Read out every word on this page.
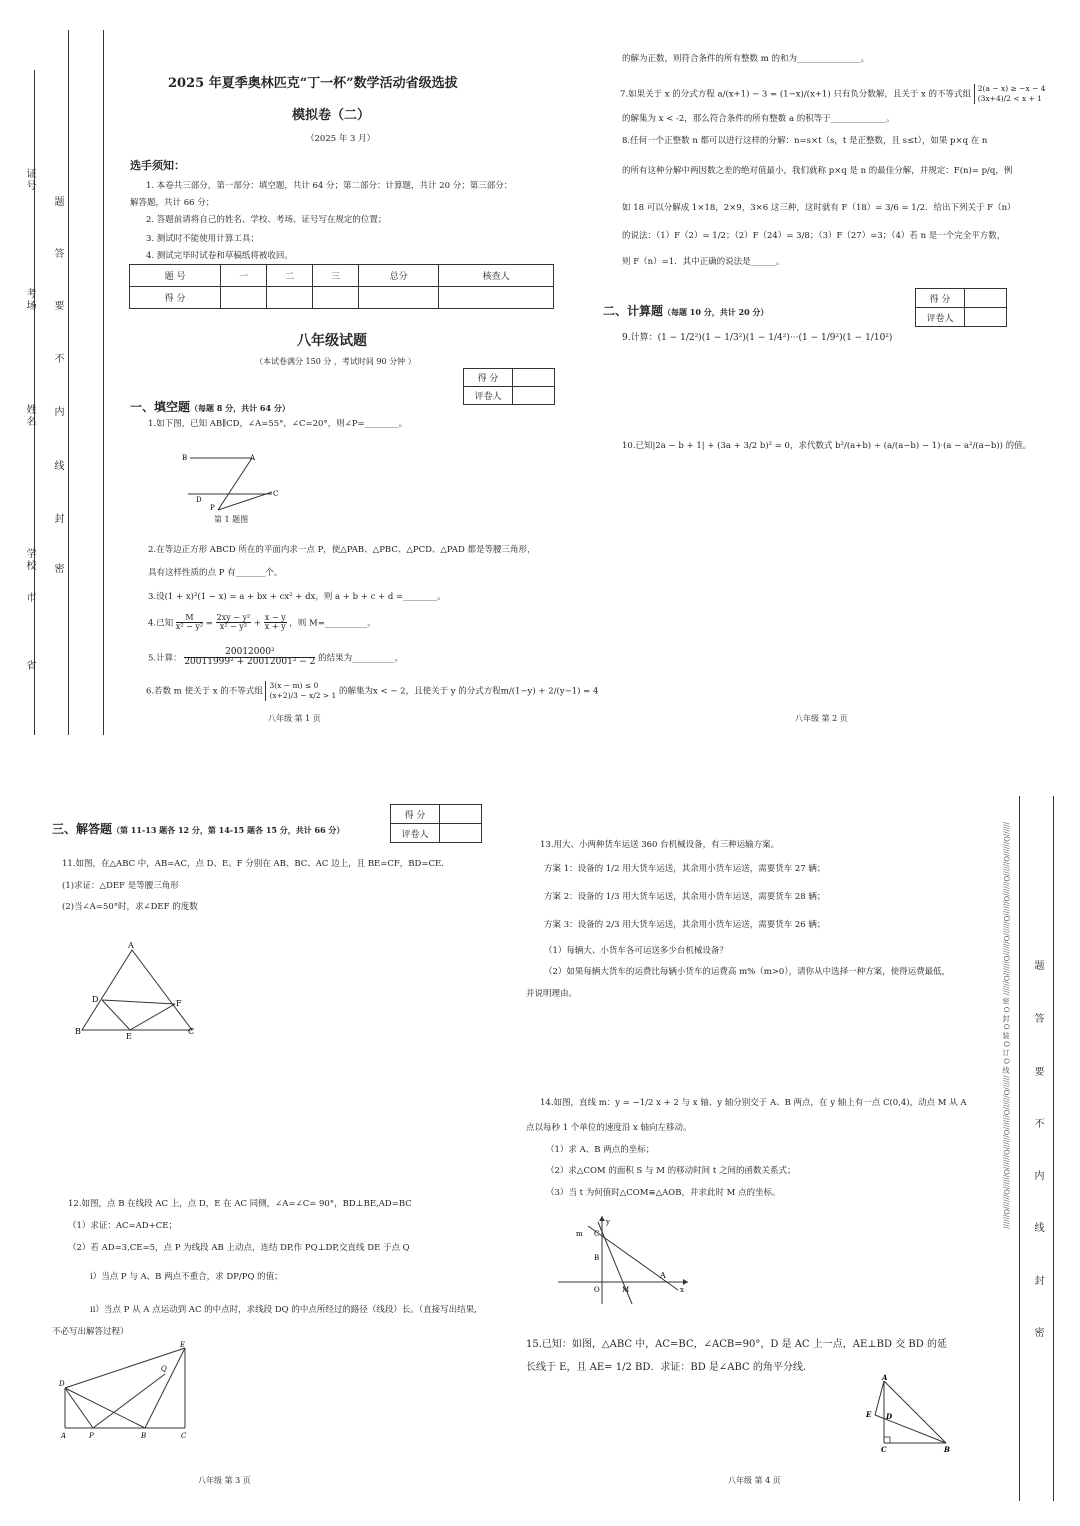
省
市
学校
姓名
考场
证号
密
封
线
内
不
要
答
题
2025 年夏季奥林匹克“丁一杯”数学活动省级选拔
模拟卷（二）
（2025 年 3 月）
选手须知：
1. 本卷共三部分，第一部分：填空题，共计 64 分；第二部分：计算题，共计 20 分；第三部分：
解答题，共计 66 分；
2. 答题前请将自己的姓名、学校、考场、证号写在规定的位置；
3. 测试时不能使用计算工具；
4. 测试完毕时试卷和草稿纸将被收回。
题 号	一	二	三	总分	核查人
得 分					
八年级试题
（本试卷满分 150 分 ，考试时间 90 分钟 ）
得 分	
评卷人	
一、填空题（每题 8 分，共计 64 分）
1.如下图，已知 AB∥CD，∠A=55°，∠C=20°，则∠P=________。
B	A
D
P
C
第 1 题图
2.在等边正方形 ABCD 所在的平面内求一点 P，使△PAB、△PBC、△PCD、△PAD 都是等腰三角形，
具有这样性质的点 P 有_______个。
3.设(1 + x)²(1 − x) = a + bx + cx² + dx，则 a + b + c + d =________。
4.已知 $\frac{M}{\text{x² − y²}} = \frac{\text{2xy − y²}}{\text{x² − y²}} + \frac{x - y}{x + y}$ ，则 M=__________。
5.计算： $\frac{\text{20012000²}}{\text{20011999² + 20012001² − 2}}$ 的结果为__________。
6.若数 m 使关于 x 的不等式组
3(x − m) ≤ 0
(x+2)/3 − x/2 > 1 的解集为x < − 2，且使关于 y 的分式方程m/(1−y) + 2/(y−1) = 4
八年级 第 1 页
的解为正数，则符合条件的所有整数 m 的和为_______________。
7.如果关于 x 的分式方程 a/(x+1) − 3 = (1−x)/(x+1) 只有负分数解，且关于 x 的不等式组
2(a − x) ≥ −x − 4
(3x+4)/2 < x + 1
的解集为 x < -2，那么符合条件的所有整数 a 的积等于_____________。
8.任何一个正整数 n 都可以进行这样的分解：n=s×t（s，t 是正整数，且 s≤t），如果 p×q 在 n
的所有这种分解中两因数之差的绝对值最小，我们就称 p×q 是 n 的最佳分解，并规定：F(n)= p/q，例
如 18 可以分解成 1×18，2×9，3×6 这三种，这时就有 F（18）= 3/6 = 1/2．给出下列关于 F（n）
的说法：（1）F（2）= 1/2；（2）F（24）= 3/8；（3）F（27）=3；（4）若 n 是一个完全平方数，
则 F（n）=1．其中正确的说法是______。
得 分	
评卷人	
二、计算题（每题 10 分，共计 20 分）
9.计算：(1 − 1/2²)(1 − 1/3²)(1 − 1/4²)···(1 − 1/9²)(1 − 1/10²)
10.已知|2a − b + 1| + (3a + 3/2 b)² = 0，求代数式 b²/(a+b) ÷ (a/(a−b) − 1)·(a − a²/(a−b)) 的值。
八年级 第 2 页
三、解答题（第 11-13 题各 12 分，第 14-15 题各 15 分，共计 66 分）
得 分	
评卷人	
11.如图，在△ABC 中，AB=AC，点 D、E、F 分别在 AB、BC、AC 边上，且 BE=CF，BD=CE.
(1)求证：△DEF 是等腰三角形
(2)当∠A=50°时，求∠DEF 的度数
A
D	F
B
E
C
12.如图，点 B 在线段 AC 上，点 D，E 在 AC 同侧，∠A=∠C= 90°，BD⊥BE,AD=BC
（1）求证：AC=AD+CE；
（2）若 AD=3,CE=5，点 P 为线段 AB 上动点，连结 DP,作 PQ⊥DP,交直线 DE 于点 Q
i）当点 P 与 A、B 两点不重合，求 DP/PQ 的值；
ii）当点 P 从 A 点运动到 AC 的中点时，求线段 DQ 的中点所经过的路径（线段）长。（直接写出结果,
不必写出解答过程）
E
Q
D
A	P	B	C
八年级 第 3 页
13.用大、小两种货车运送 360 台机械设备，有三种运输方案。
方案 1：设备的 1/2 用大货车运送，其余用小货车运送，需要货车 27 辆；
方案 2：设备的 1/3 用大货车运送，其余用小货车运送，需要货车 28 辆；
方案 3：设备的 2/3 用大货车运送，其余用小货车运送，需要货车 26 辆；
（1）每辆大、小货车各可运送多少台机械设备？
（2）如果每辆大货车的运费比每辆小货车的运费高 m%（m>0），请你从中选择一种方案，使得运费最低，
并说明理由。
14.如图，直线 m：y = −1/2 x + 2 与 x 轴、y 轴分别交于 A、B 两点，在 y 轴上有一点 C(0,4)，动点 M 从 A
点以每秒 1 个单位的速度沿 x 轴向左移动。
（1）求 A、B 两点的坐标；
（2）求△COM 的面积 S 与 M 的移动时间 t 之间的函数关系式；
（3）当 t 为何值时△COM≌△AOB，并求此时 M 点的坐标。
m
y
C
B
A
O	M	x
15.已知：如图，△ABC 中，AC=BC，∠ACB=90°，D 是 AC 上一点，AE⊥BD 交 BD 的延
长线于 E，且 AE= 1/2 BD．求证：BD 是∠ABC 的角平分线.
A
E D
C	B
八年级 第 4 页
//////O//////O//////O//////O//////O//////O//////O//////O////// 密 O 封 O 装 O 订 O 线 //////O//////O//////O//////O//////O//////O//////O////// 题
答
要
不
内
线
封
密
